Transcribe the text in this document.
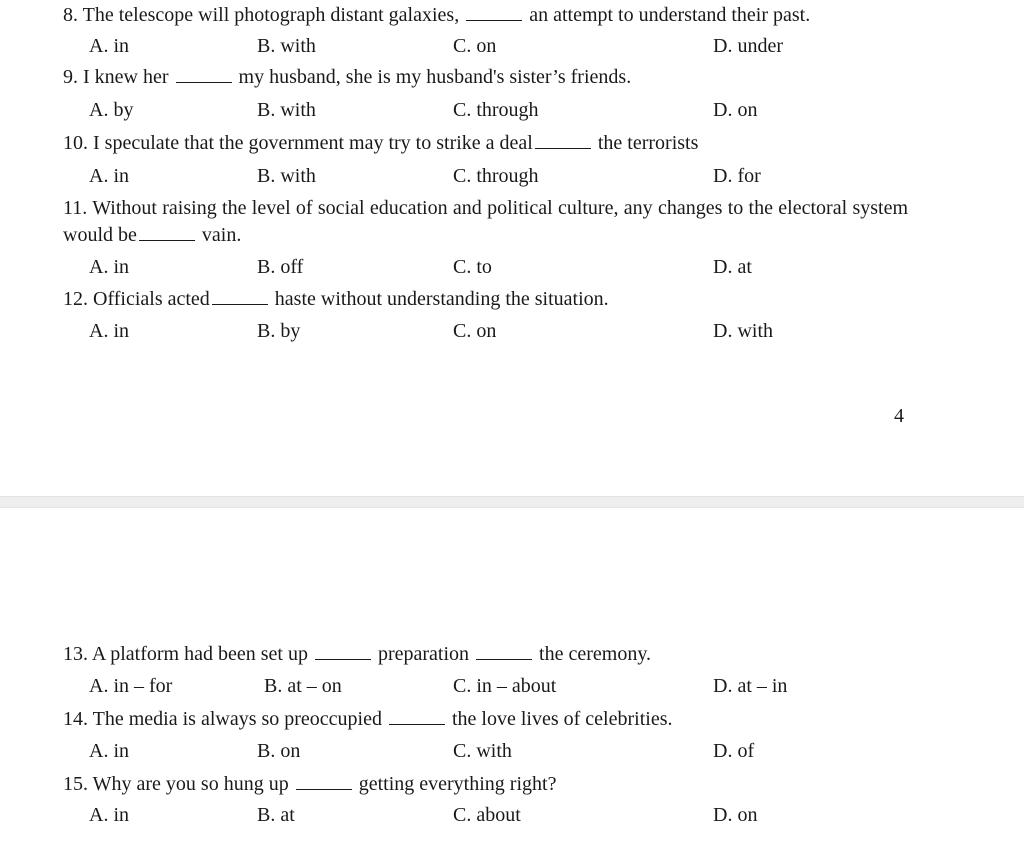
8. The telescope will photograph distant galaxies,	an attempt to understand their past.
A. in	B. with	C. on	D. under
9. I knew her	my husband, she is my husband's sister’s friends.
A. by	B. with	C. through	D. on
10. I speculate that the government may try to strike a deal	the terrorists
A. in	B. with	C. through	D. for
11. Without raising the level of social education and political culture, any changes to the electoral system would be	vain.
A. in	B. off	C. to	D. at
12. Officials acted	haste without understanding the situation.
A. in	B. by	C. on	D. with
4
13. A platform had been set up	preparation	the ceremony.
A. in – for	B. at – on	C. in – about	D. at – in
14. The media is always so preoccupied	the love lives of celebrities.
A. in	B. on	C. with	D. of
15. Why are you so hung up	getting everything right?
A. in	B. at	C. about	D. on
